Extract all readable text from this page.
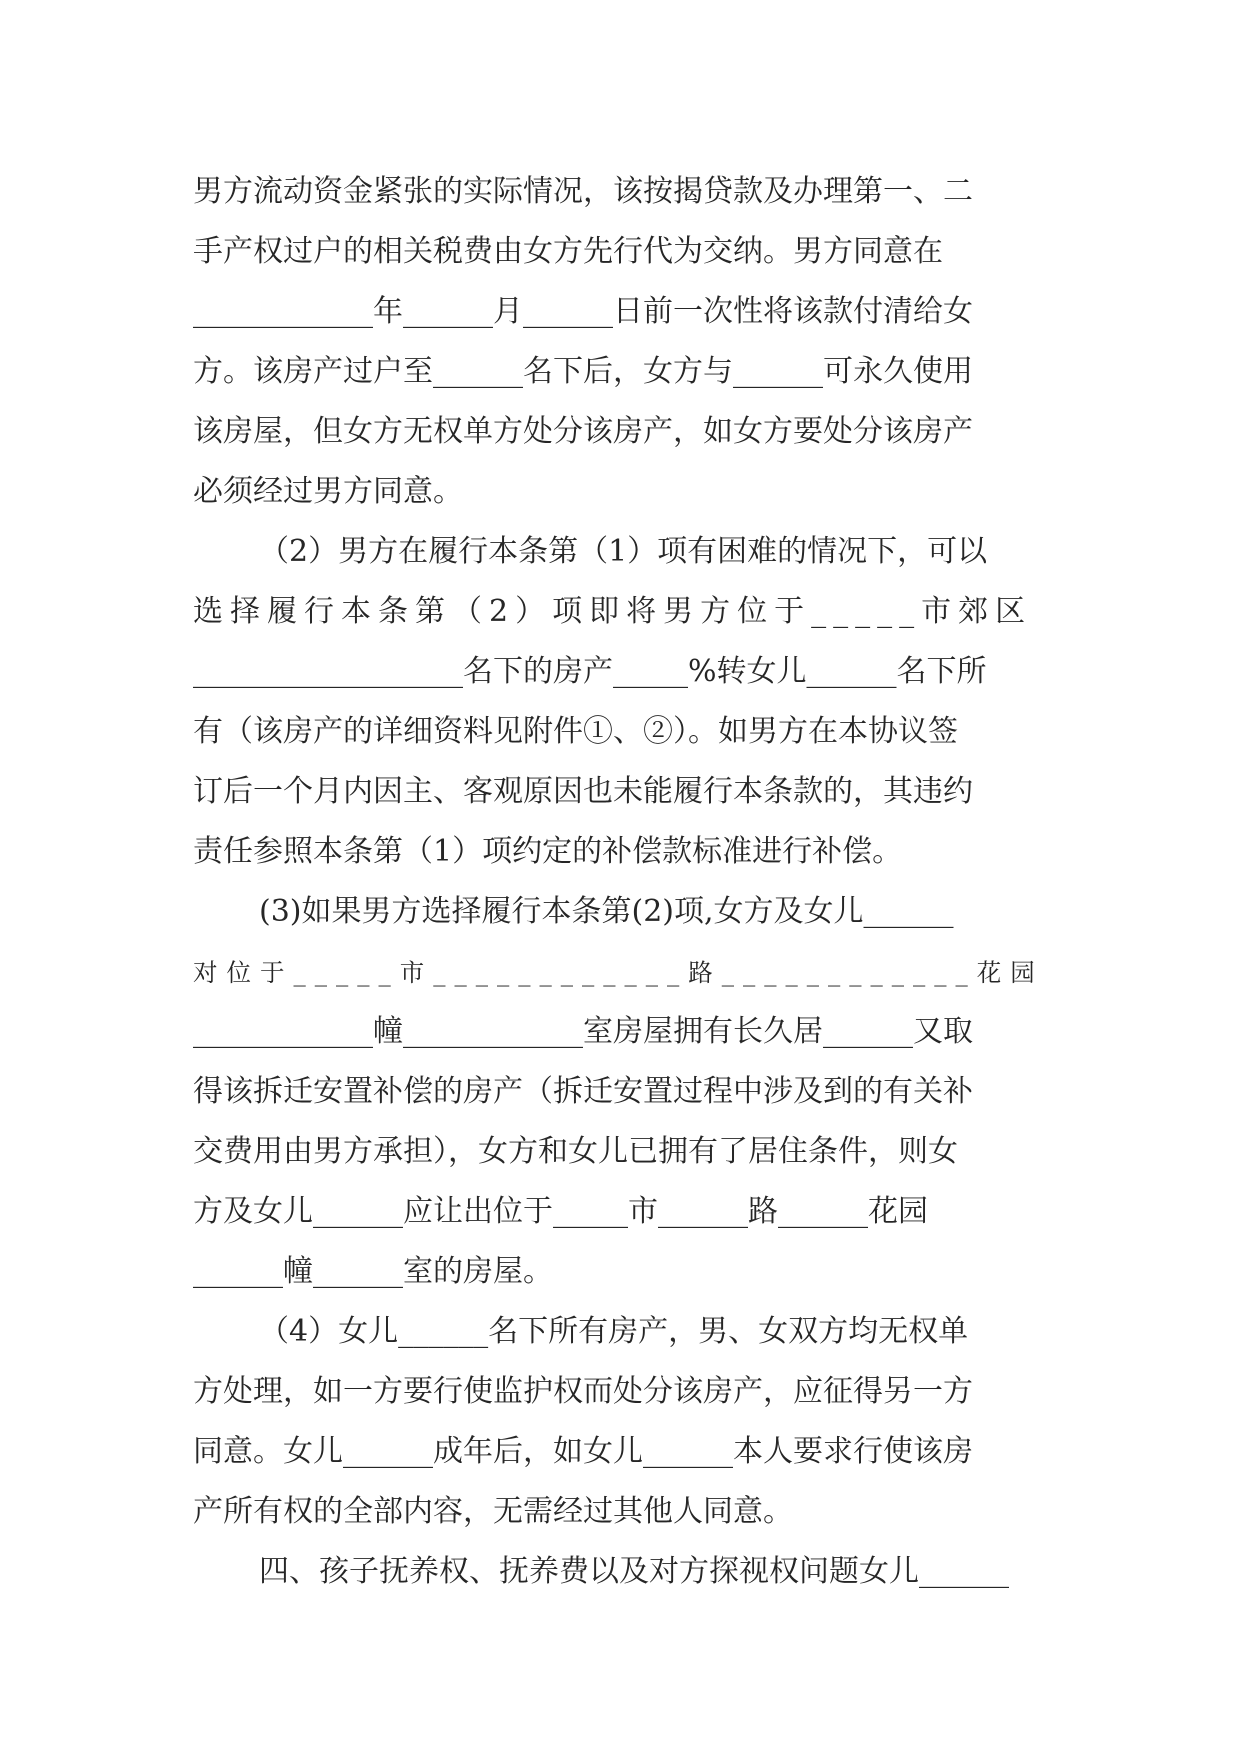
男方流动资金紧张的实际情况，该按揭贷款及办理第一、二
手产权过户的相关税费由女方先行代为交纳。男方同意在
____________年______月______日前一次性将该款付清给女
方。该房产过户至______名下后，女方与______可永久使用
该房屋，但女方无权单方处分该房产，如女方要处分该房产
必须经过男方同意。
（2）男方在履行本条第（1）项有困难的情况下，可以
选择履行本条第（2）项即将男方位于_____市郊区
__________________名下的房产_____%转女儿______名下所
有（该房产的详细资料见附件①、②）。如男方在本协议签
订后一个月内因主、客观原因也未能履行本条款的，其违约
责任参照本条第（1）项约定的补偿款标准进行补偿。
(3)如果男方选择履行本条第(2)项,女方及女儿______
对位于_____市____________路____________花园
____________幢____________室房屋拥有长久居______又取
得该拆迁安置补偿的房产（拆迁安置过程中涉及到的有关补
交费用由男方承担），女方和女儿已拥有了居住条件，则女
方及女儿______应让出位于_____市______路______花园
______幢______室的房屋。
（4）女儿______名下所有房产，男、女双方均无权单
方处理，如一方要行使监护权而处分该房产，应征得另一方
同意。女儿______成年后，如女儿______本人要求行使该房
产所有权的全部内容，无需经过其他人同意。
四、孩子抚养权、抚养费以及对方探视权问题女儿______
